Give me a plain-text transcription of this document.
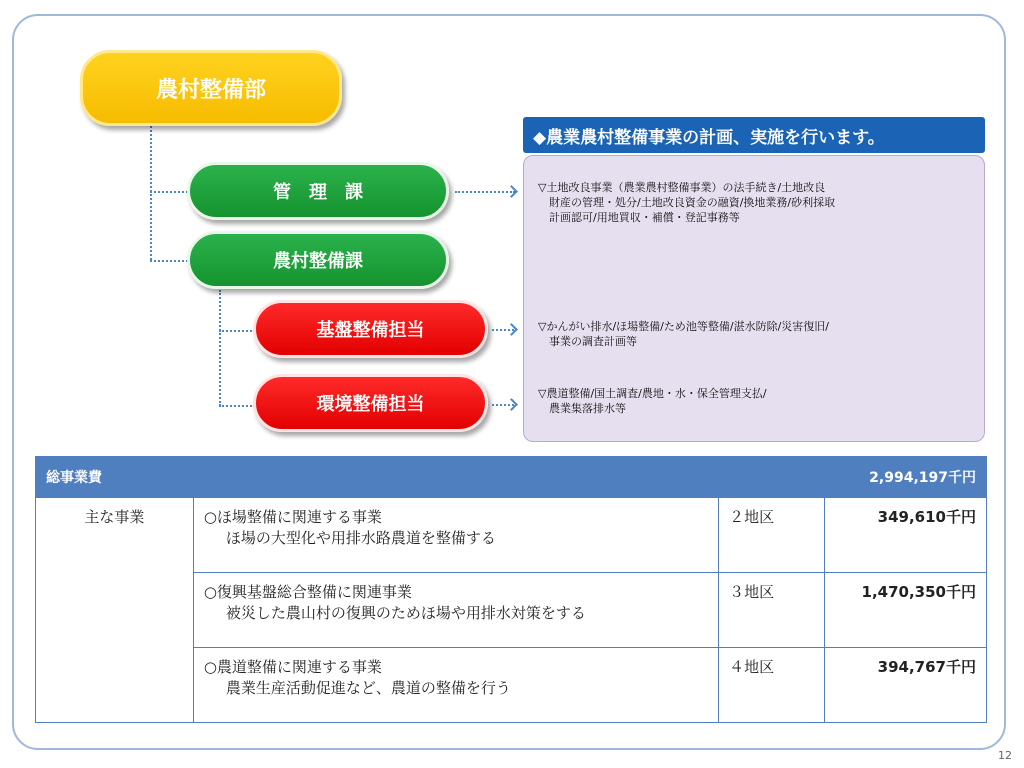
農村整備部
管　理　課
農村整備課
基盤整備担当
環境整備担当
◆農業農村整備事業の計画、実施を行います。
▽土地改良事業（農業農村整備事業）の法手続き/土地改良
　財産の管理・処分/土地改良資金の融資/換地業務/砂利採取
　計画認可/用地買収・補償・登記事務等
▽かんがい排水/ほ場整備/ため池等整備/湛水防除/災害復旧/
　事業の調査計画等
▽農道整備/国土調査/農地・水・保全管理支払/
　農業集落排水等
総事業費			2,994,197千円
主な事業	○ほ場整備に関連する事業
ほ場の大型化や用排水路農道を整備する	２地区	349,610千円

	○復興基盤総合整備に関連事業
被災した農山村の復興のためほ場や用排水対策をする	３地区	1,470,350千円

	○農道整備に関連する事業
農業生産活動促進など、農道の整備を行う	４地区	394,767千円
12
